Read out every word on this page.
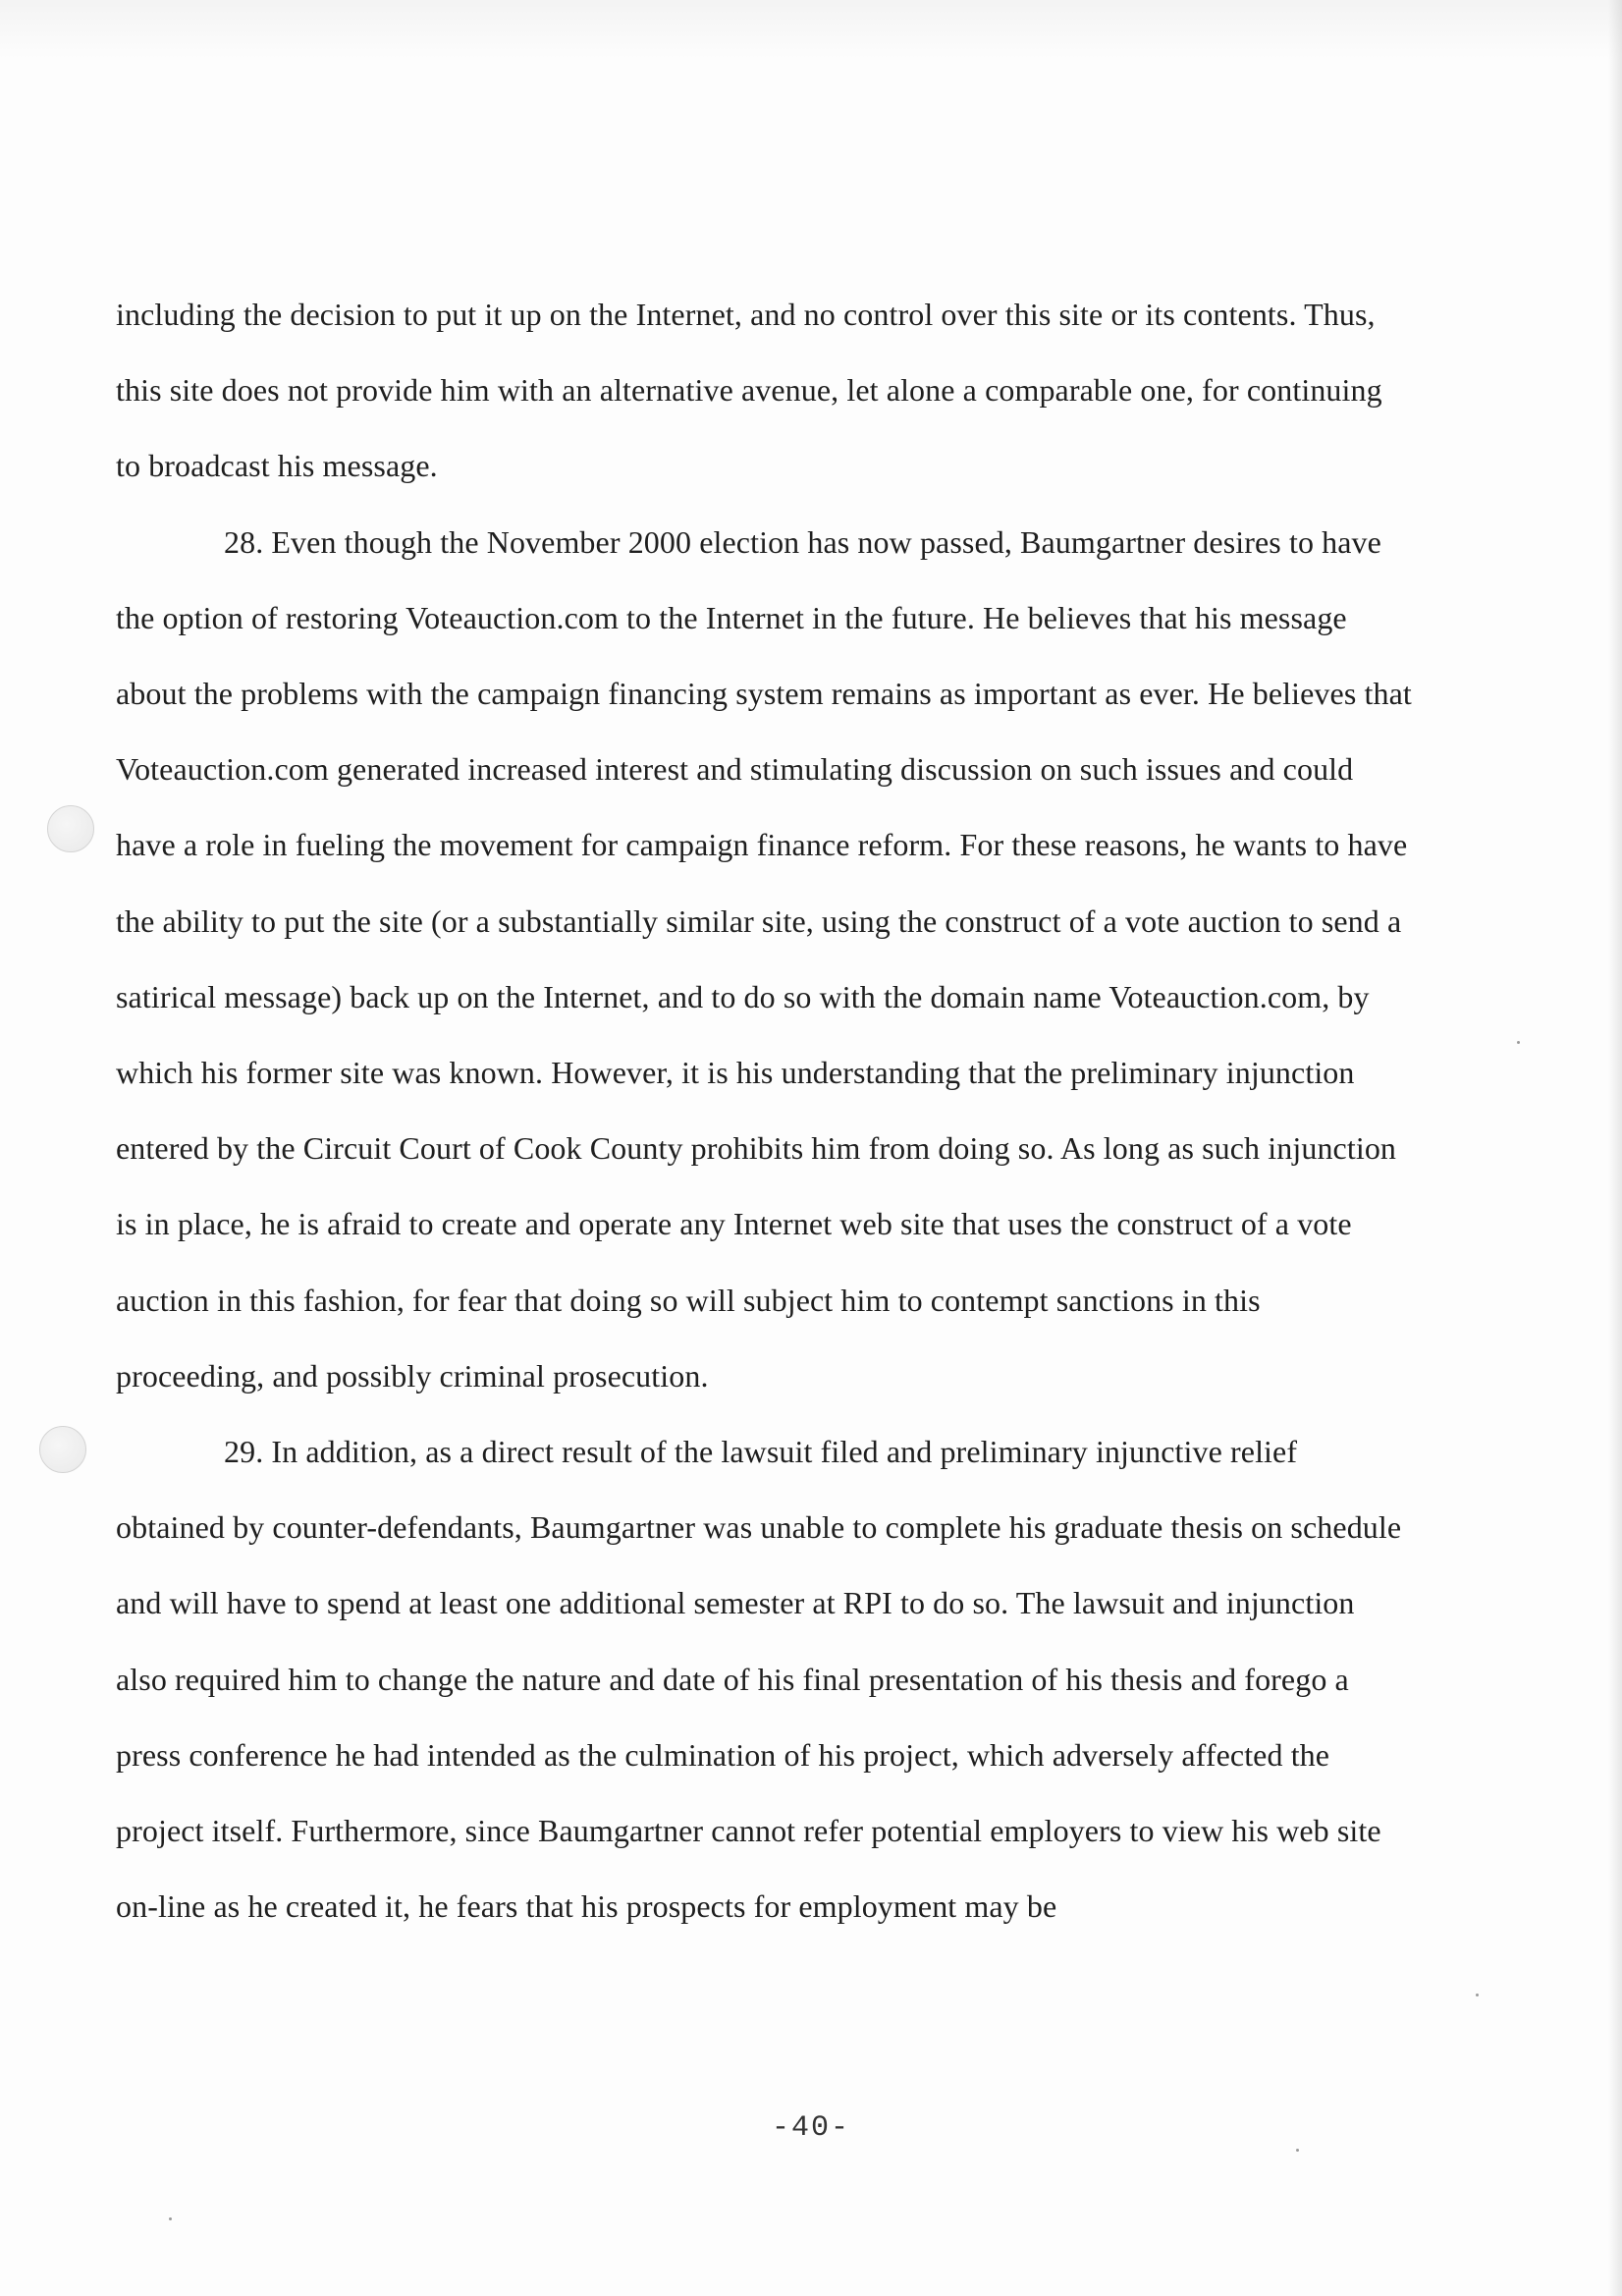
including the decision to put it up on the Internet, and no control over this site or its contents. Thus, this site does not provide him with an alternative avenue, let alone a comparable one, for continuing to broadcast his message.

28. Even though the November 2000 election has now passed, Baumgartner desires to have the option of restoring Voteauction.com to the Internet in the future. He believes that his message about the problems with the campaign financing system remains as important as ever. He believes that Voteauction.com generated increased interest and stimulating discussion on such issues and could have a role in fueling the movement for campaign finance reform. For these reasons, he wants to have the ability to put the site (or a substantially similar site, using the construct of a vote auction to send a satirical message) back up on the Internet, and to do so with the domain name Voteauction.com, by which his former site was known. However, it is his understanding that the preliminary injunction entered by the Circuit Court of Cook County prohibits him from doing so. As long as such injunction is in place, he is afraid to create and operate any Internet web site that uses the construct of a vote auction in this fashion, for fear that doing so will subject him to contempt sanctions in this proceeding, and possibly criminal prosecution.

29. In addition, as a direct result of the lawsuit filed and preliminary injunctive relief obtained by counter-defendants, Baumgartner was unable to complete his graduate thesis on schedule and will have to spend at least one additional semester at RPI to do so. The lawsuit and injunction also required him to change the nature and date of his final presentation of his thesis and forego a press conference he had intended as the culmination of his project, which adversely affected the project itself. Furthermore, since Baumgartner cannot refer potential employers to view his web site on-line as he created it, he fears that his prospects for employment may be

-40-
